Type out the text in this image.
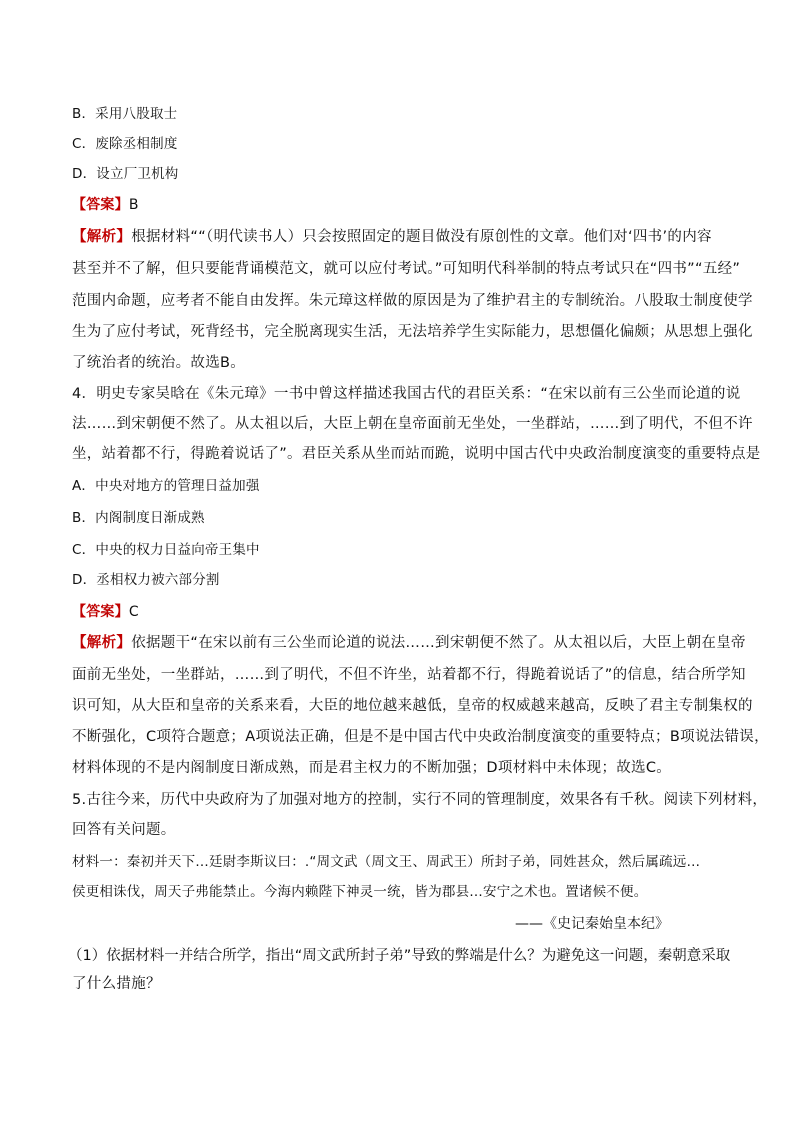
B．采用八股取士
C．废除丞相制度
D．设立厂卫机构
【答案】B
【解析】根据材料““（明代读书人）只会按照固定的题目做没有原创性的文章。他们对‘四书’的内容
甚至并不了解，但只要能背诵模范文，就可以应付考试。”可知明代科举制的特点考试只在“四书”“五经”
范围内命题，应考者不能自由发挥。朱元璋这样做的原因是为了维护君主的专制统治。八股取士制度使学
生为了应付考试，死背经书，完全脱离现实生活，无法培养学生实际能力，思想僵化偏颇；从思想上强化
了统治者的统治。故选B。
4．明史专家吴晗在《朱元璋》一书中曾这样描述我国古代的君臣关系：“在宋以前有三公坐而论道的说
法……到宋朝便不然了。从太祖以后，大臣上朝在皇帝面前无坐处，一坐群站，……到了明代，不但不许
坐，站着都不行，得跪着说话了”。君臣关系从坐而站而跪，说明中国古代中央政治制度演变的重要特点是
A．中央对地方的管理日益加强
B．内阁制度日渐成熟
C．中央的权力日益向帝王集中
D．丞相权力被六部分割
【答案】C
【解析】依据题干“在宋以前有三公坐而论道的说法……到宋朝便不然了。从太祖以后，大臣上朝在皇帝
面前无坐处，一坐群站，……到了明代，不但不许坐，站着都不行，得跪着说话了”的信息，结合所学知
识可知，从大臣和皇帝的关系来看，大臣的地位越来越低，皇帝的权威越来越高，反映了君主专制集权的
不断强化，C项符合题意；A项说法正确，但是不是中国古代中央政治制度演变的重要特点；B项说法错误，
材料体现的不是内阁制度日渐成熟，而是君主权力的不断加强；D项材料中未体现；故选C。
5.古往今来，历代中央政府为了加强对地方的控制，实行不同的管理制度，效果各有千秋。阅读下列材料，
回答有关问题。
材料一：秦初并天下…廷尉李斯议曰：.“周文武（周文王、周武王）所封子弟，同姓甚众，然后属疏远…
侯更相诛伐，周天子弗能禁止。今海内赖陛下神灵一统，皆为郡县…安宁之术也。置诸候不便。
——《史记秦始皇本纪》
（1）依据材料一并结合所学，指出“周文武所封子弟”导致的弊端是什么？为避免这一问题，秦朝意采取
了什么措施？
